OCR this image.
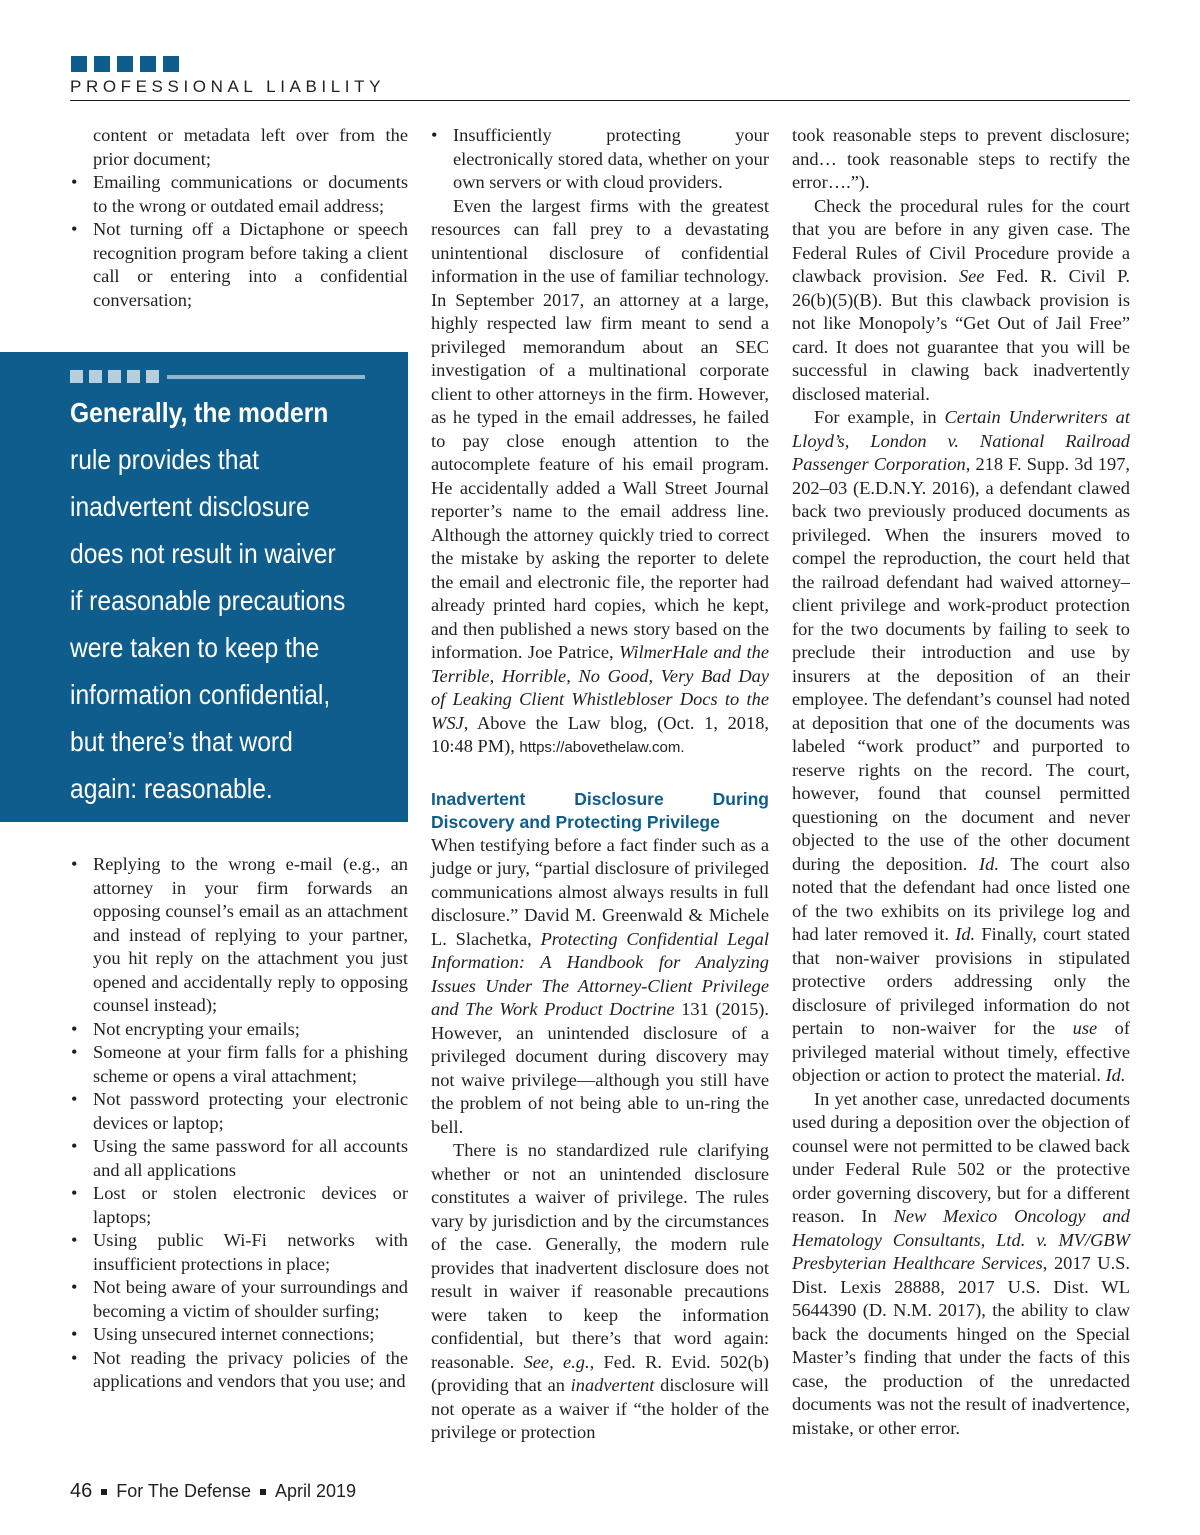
PROFESSIONAL LIABILITY
content or metadata left over from the prior document;
• Emailing communications or documents to the wrong or outdated email address;
• Not turning off a Dictaphone or speech recognition program before taking a client call or entering into a confidential conversation;
Generally, the modern
rule provides that
inadvertent disclosure
does not result in waiver
if reasonable precautions
were taken to keep the
information confidential,
but there’s that word
again: reasonable.
• Replying to the wrong e-mail (e.g., an attorney in your firm forwards an opposing counsel’s email as an attachment and instead of replying to your partner, you hit reply on the attachment you just opened and accidentally reply to opposing counsel instead);
• Not encrypting your emails;
• Someone at your firm falls for a phishing scheme or opens a viral attachment;
• Not password protecting your electronic devices or laptop;
• Using the same password for all accounts and all applications
• Lost or stolen electronic devices or laptops;
• Using public Wi-Fi networks with insufficient protections in place;
• Not being aware of your surroundings and becoming a victim of shoulder surfing;
• Using unsecured internet connections;
• Not reading the privacy policies of the applications and vendors that you use; and
• Insufficiently protecting your electronically stored data, whether on your own servers or with cloud providers.

Even the largest firms with the greatest resources can fall prey to a devastating unintentional disclosure of confidential information in the use of familiar technology. In September 2017, an attorney at a large, highly respected law firm meant to send a privileged memorandum about an SEC investigation of a multinational corporate client to other attorneys in the firm. However, as he typed in the email addresses, he failed to pay close enough attention to the autocomplete feature of his email program. He accidentally added a Wall Street Journal reporter’s name to the email address line. Although the attorney quickly tried to correct the mistake by asking the reporter to delete the email and electronic file, the reporter had already printed hard copies, which he kept, and then published a news story based on the information. Joe Patrice, WilmerHale and the Terrible, Horrible, No Good, Very Bad Day of Leaking Client Whistlebloser Docs to the WSJ, Above the Law blog, (Oct. 1, 2018, 10:48 PM), https://abovethelaw.com.

Inadvertent Disclosure During Discovery and Protecting Privilege

When testifying before a fact finder such as a judge or jury, “partial disclosure of privileged communications almost always results in full disclosure.” David M. Greenwald & Michele L. Slachetka, Protecting Confidential Legal Information: A Handbook for Analyzing Issues Under The Attorney-Client Privilege and The Work Product Doctrine 131 (2015). However, an unintended disclosure of a privileged document during discovery may not waive privilege—although you still have the problem of not being able to un-ring the bell.

There is no standardized rule clarifying whether or not an unintended disclosure constitutes a waiver of privilege. The rules vary by jurisdiction and by the circumstances of the case. Generally, the modern rule provides that inadvertent disclosure does not result in waiver if reasonable precautions were taken to keep the information confidential, but there’s that word again: reasonable. See, e.g., Fed. R. Evid. 502(b) (providing that an inadvertent disclosure will not operate as a waiver if “the holder of the privilege or protection

took reasonable steps to prevent disclosure; and… took reasonable steps to rectify the error….”).

Check the procedural rules for the court that you are before in any given case. The Federal Rules of Civil Procedure provide a clawback provision. See Fed. R. Civil P. 26(b)(5)(B). But this clawback provision is not like Monopoly’s “Get Out of Jail Free” card. It does not guarantee that you will be successful in clawing back inadvertently disclosed material.

For example, in Certain Underwriters at Lloyd’s, London v. National Railroad Passenger Corporation, 218 F. Supp. 3d 197, 202–03 (E.D.N.Y. 2016), a defendant clawed back two previously produced documents as privileged. When the insurers moved to compel the reproduction, the court held that the railroad defendant had waived attorney–client privilege and work-product protection for the two documents by failing to seek to preclude their introduction and use by insurers at the deposition of an their employee. The defendant’s counsel had noted at deposition that one of the documents was labeled “work product” and purported to reserve rights on the record. The court, however, found that counsel permitted questioning on the document and never objected to the use of the other document during the deposition. Id. The court also noted that the defendant had once listed one of the two exhibits on its privilege log and had later removed it. Id. Finally, court stated that non-waiver provisions in stipulated protective orders addressing only the disclosure of privileged information do not pertain to non-waiver for the use of privileged material without timely, effective objection or action to protect the material. Id.

In yet another case, unredacted documents used during a deposition over the objection of counsel were not permitted to be clawed back under Federal Rule 502 or the protective order governing discovery, but for a different reason. In New Mexico Oncology and Hematology Consultants, Ltd. v. MV/GBW Presbyterian Healthcare Services, 2017 U.S. Dist. Lexis 28888, 2017 U.S. Dist. WL 5644390 (D. N.M. 2017), the ability to claw back the documents hinged on the Special Master’s finding that under the facts of this case, the production of the unredacted documents was not the result of inadvertence, mistake, or other error.

46 For The Defense April 2019
